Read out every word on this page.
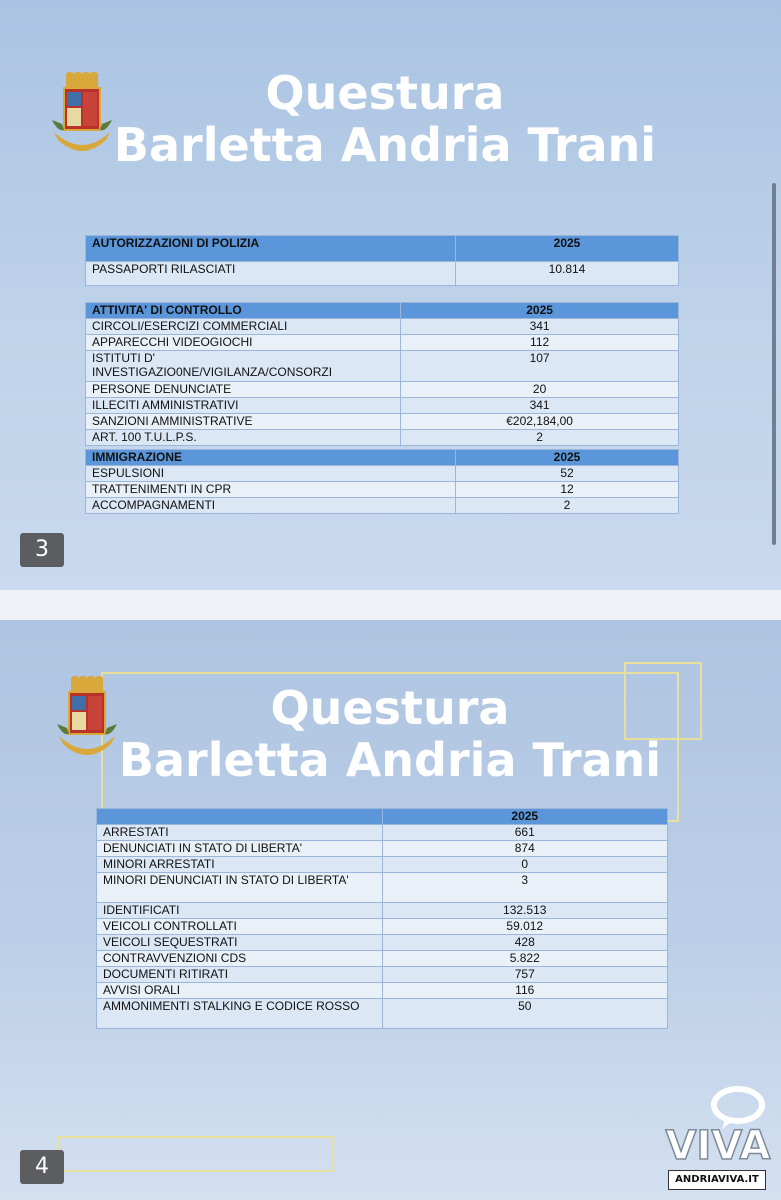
Questura
Barletta Andria Trani
AUTORIZZAZIONI DI POLIZIA	2025
PASSAPORTI RILASCIATI	10.814
ATTIVITA' DI CONTROLLO	2025
CIRCOLI/ESERCIZI COMMERCIALI	341
APPARECCHI VIDEOGIOCHI	112
ISTITUTI D' INVESTIGAZIO0NE/VIGILANZA/CONSORZI	107
PERSONE DENUNCIATE	20
ILLECITI AMMINISTRATIVI	341
SANZIONI AMMINISTRATIVE	€202,184,00
ART. 100 T.U.L.P.S.	2
IMMIGRAZIONE	2025
ESPULSIONI	52
TRATTENIMENTI IN CPR	12
ACCOMPAGNAMENTI	2
3
Questura
Barletta Andria Trani
	2025
ARRESTATI	661
DENUNCIATI IN STATO DI LIBERTA'	874
MINORI ARRESTATI	0
MINORI DENUNCIATI IN STATO DI LIBERTA'	3
IDENTIFICATI	132.513
VEICOLI CONTROLLATI	59.012
VEICOLI SEQUESTRATI	428
CONTRAVVENZIONI CDS	5.822
DOCUMENTI RITIRATI	757
AVVISI ORALI	116
AMMONIMENTI STALKING E CODICE ROSSO	50
4	VIVA
ANDRIAVIVA.IT
